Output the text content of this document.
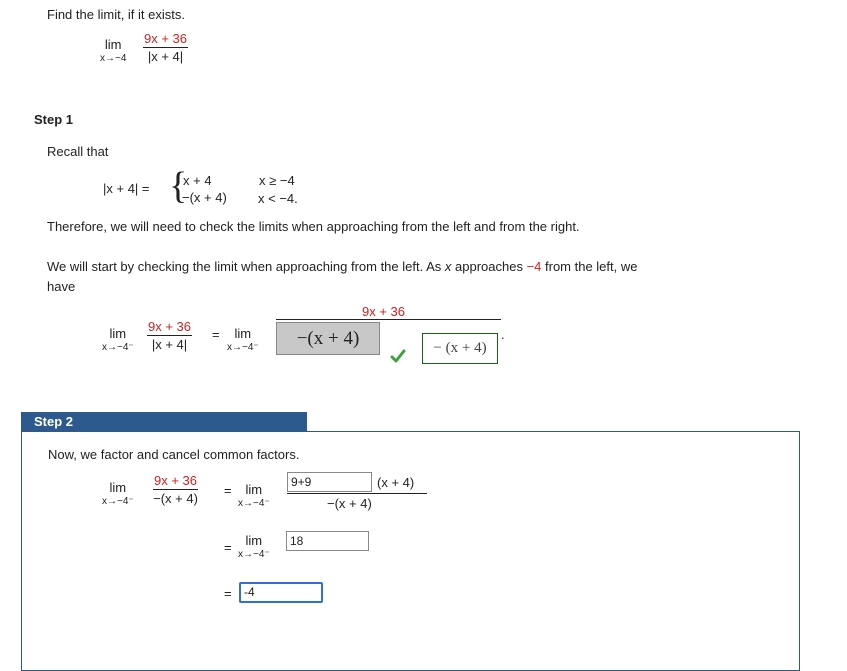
Find the limit, if it exists.
lim
$x\to-4 \frac{9x + 36}{|x + 4|}$
Step 1
Recall that
|x + 4| = {
x + 4	x ≥ −4
−(x + 4) x < −4.
Therefore, we will need to check the limits when approaching from the left and from the right.
We will start by checking the limit when approaching from the left. As x approaches −4 from the left, we
have
lim
$x\to-4^- \frac{9x + 36}{|x + 4|}$ =	lim
x→−4⁻
9x + 36
−(x + 4)	− (x + 4)
.
Step 2
Now, we factor and cancel common factors.
lim
$x\to-4^- \frac{9x + 36}{-(x + 4)}$ =	lim
x→−4⁻
9+9	(x + 4)
−(x + 4)
=	lim
x→−4⁻
18
=	-4
